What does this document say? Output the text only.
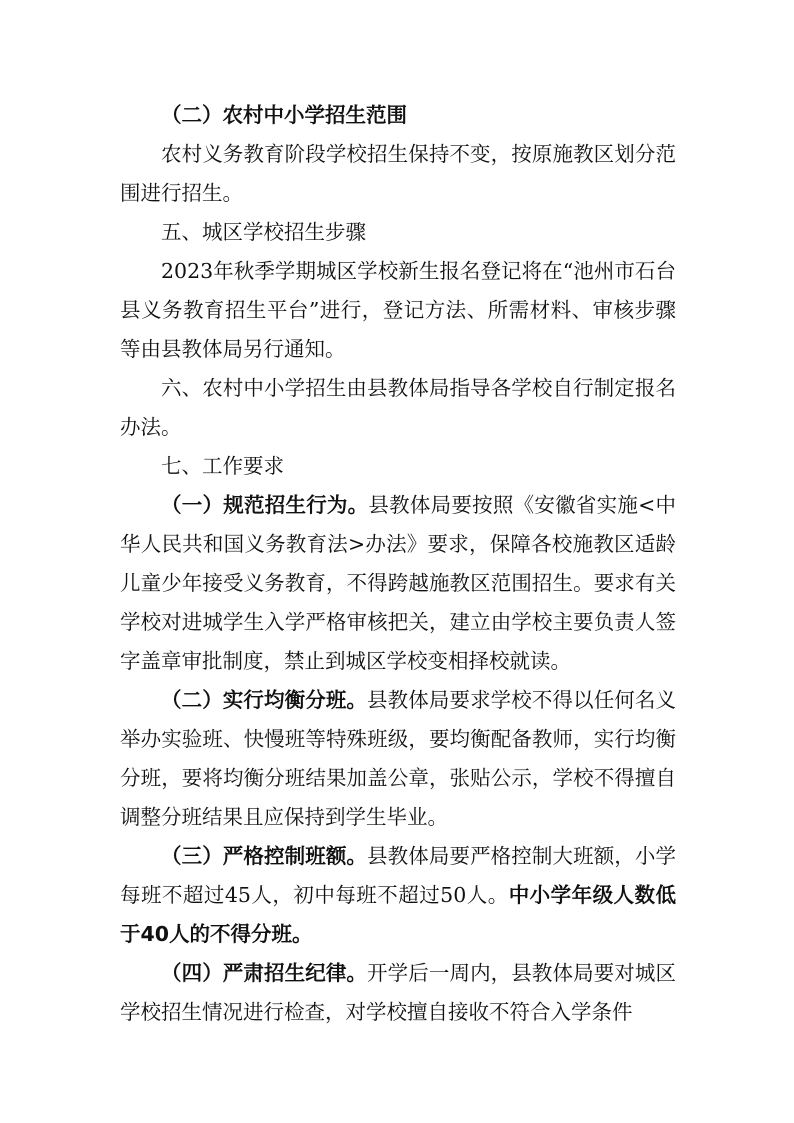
（二）农村中小学招生范围

农村义务教育阶段学校招生保持不变，按原施教区划分范围进行招生。

五、城区学校招生步骤

2023年秋季学期城区学校新生报名登记将在“池州市石台县义务教育招生平台”进行，登记方法、所需材料、审核步骤等由县教体局另行通知。

六、农村中小学招生由县教体局指导各学校自行制定报名办法。

七、工作要求

（一）规范招生行为。县教体局要按照《安徽省实施<中华人民共和国义务教育法>办法》要求，保障各校施教区适龄儿童少年接受义务教育，不得跨越施教区范围招生。要求有关学校对进城学生入学严格审核把关，建立由学校主要负责人签字盖章审批制度，禁止到城区学校变相择校就读。

（二）实行均衡分班。县教体局要求学校不得以任何名义举办实验班、快慢班等特殊班级，要均衡配备教师，实行均衡分班，要将均衡分班结果加盖公章，张贴公示，学校不得擅自调整分班结果且应保持到学生毕业。

（三）严格控制班额。县教体局要严格控制大班额，小学每班不超过45人，初中每班不超过50人。中小学年级人数低于40人的不得分班。

（四）严肃招生纪律。开学后一周内，县教体局要对城区学校招生情况进行检查，对学校擅自接收不符合入学条件
